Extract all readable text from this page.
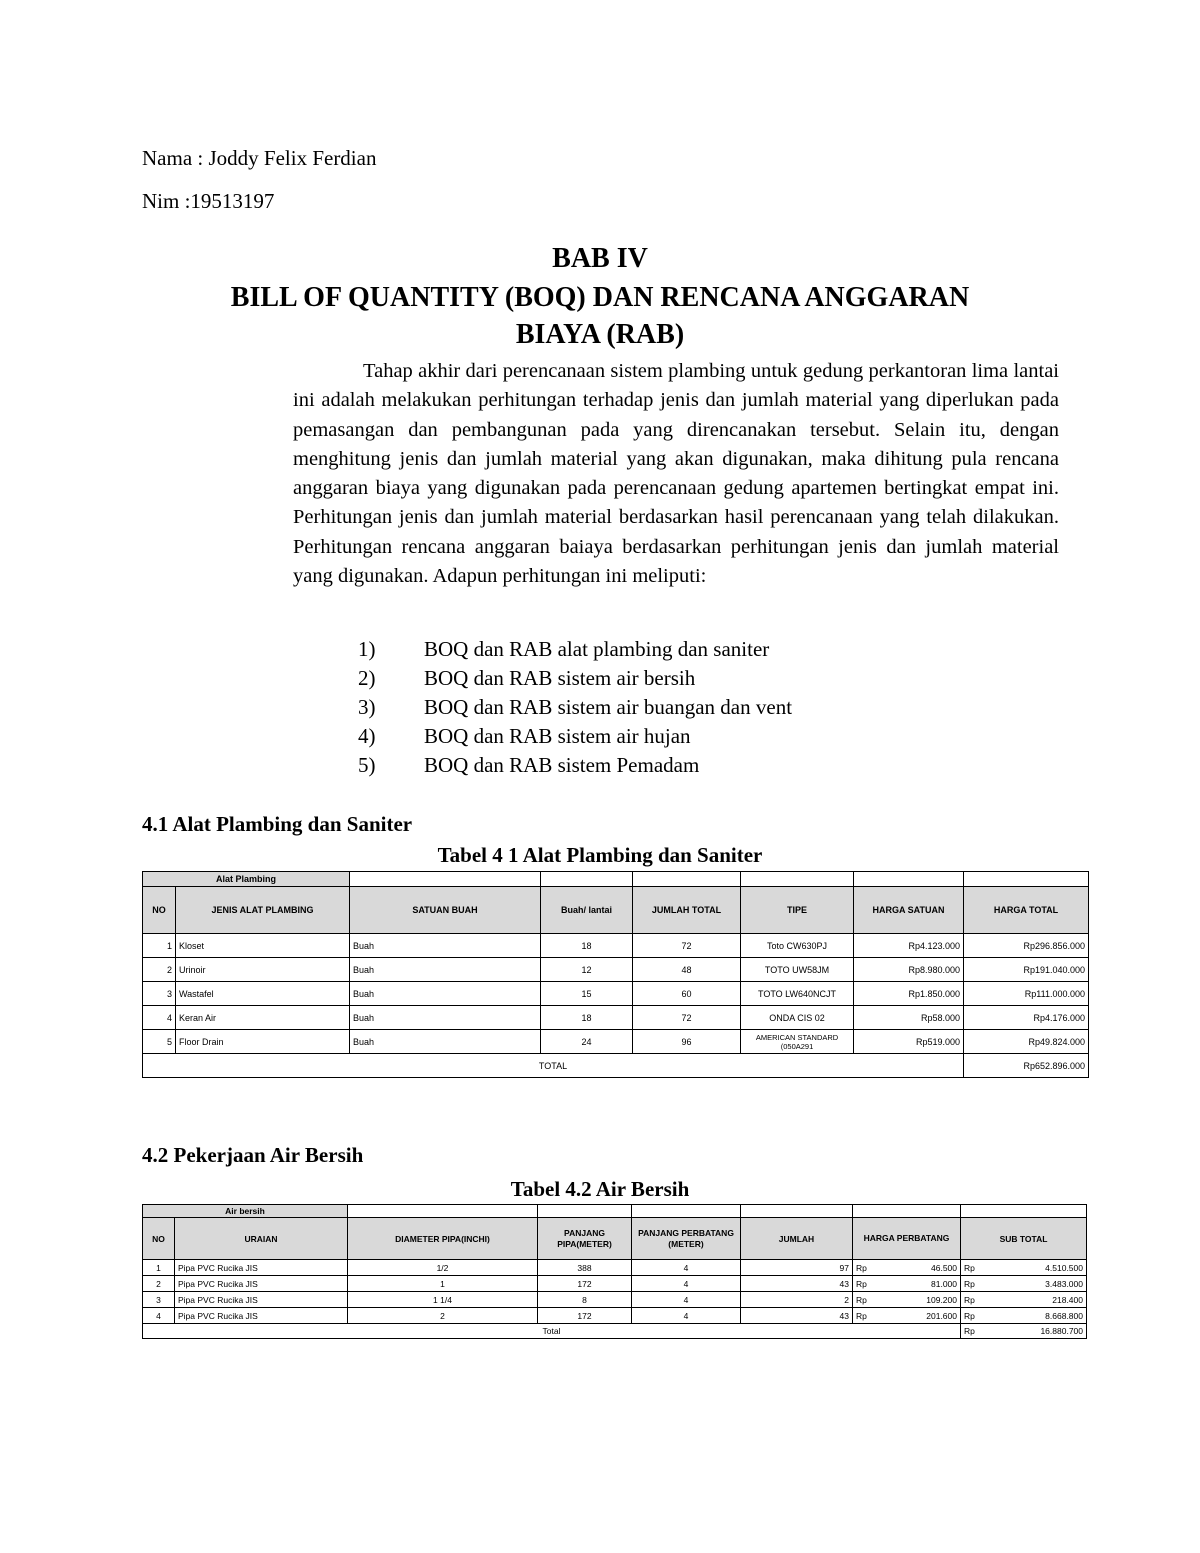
Nama : Joddy Felix Ferdian
Nim :19513197
BAB IV
BILL OF QUANTITY (BOQ) DAN RENCANA ANGGARAN
BIAYA (RAB)
Tahap akhir dari perencanaan sistem plambing untuk gedung perkantoran lima lantai ini adalah melakukan perhitungan terhadap jenis dan jumlah material yang diperlukan pada pemasangan dan pembangunan pada yang direncanakan tersebut. Selain itu, dengan menghitung jenis dan jumlah material yang akan digunakan, maka dihitung pula rencana anggaran biaya yang digunakan pada perencanaan gedung apartemen bertingkat empat ini. Perhitungan jenis dan jumlah material berdasarkan hasil perencanaan yang telah dilakukan. Perhitungan rencana anggaran baiaya berdasarkan perhitungan jenis dan jumlah material yang digunakan. Adapun perhitungan ini meliputi:
1) BOQ dan RAB alat plambing dan saniter
2) BOQ dan RAB sistem air bersih
3) BOQ dan RAB sistem air buangan dan vent
4) BOQ dan RAB sistem air hujan
5) BOQ dan RAB sistem Pemadam
4.1 Alat Plambing dan Saniter
Tabel 4 1 Alat Plambing dan Saniter
Alat Plambing							
NO	JENIS ALAT PLAMBING	SATUAN BUAH	Buah/ lantai	JUMLAH TOTAL	TIPE	HARGA SATUAN	HARGA TOTAL
1	Kloset	Buah	18	72	Toto CW630PJ	Rp4.123.000	Rp296.856.000
2	Urinoir	Buah	12	48	TOTO UW58JM	Rp8.980.000	Rp191.040.000
3	Wastafel	Buah	15	60	TOTO LW640NCJT	Rp1.850.000	Rp111.000.000
4	Keran Air	Buah	18	72	ONDA CIS 02	Rp58.000	Rp4.176.000
5	Floor Drain	Buah	24	96	AMERICAN STANDARD (050A291	Rp519.000	Rp49.824.000
TOTAL							Rp652.896.000
4.2 Pekerjaan Air Bersih
Tabel 4.2 Air Bersih
Air bersih							
NO	URAIAN	DIAMETER PIPA(INCHI)	PANJANG PIPA(METER)	PANJANG PERBATANG(METER)	JUMLAH	HARGA PERBATANG	SUB TOTAL
1	Pipa PVC Rucika JIS	1/2	388	4	97	Rp 46.500	Rp 4.510.500

2	Pipa PVC Rucika JIS	1	172	4	43	Rp 81.000	Rp 3.483.000

3	Pipa PVC Rucika JIS	1 1/4	8	4	2	Rp 109.200	Rp 218.400

4	Pipa PVC Rucika JIS	2	172	4	43	Rp 201.600	Rp 8.668.800

Total							Rp 16.880.700
